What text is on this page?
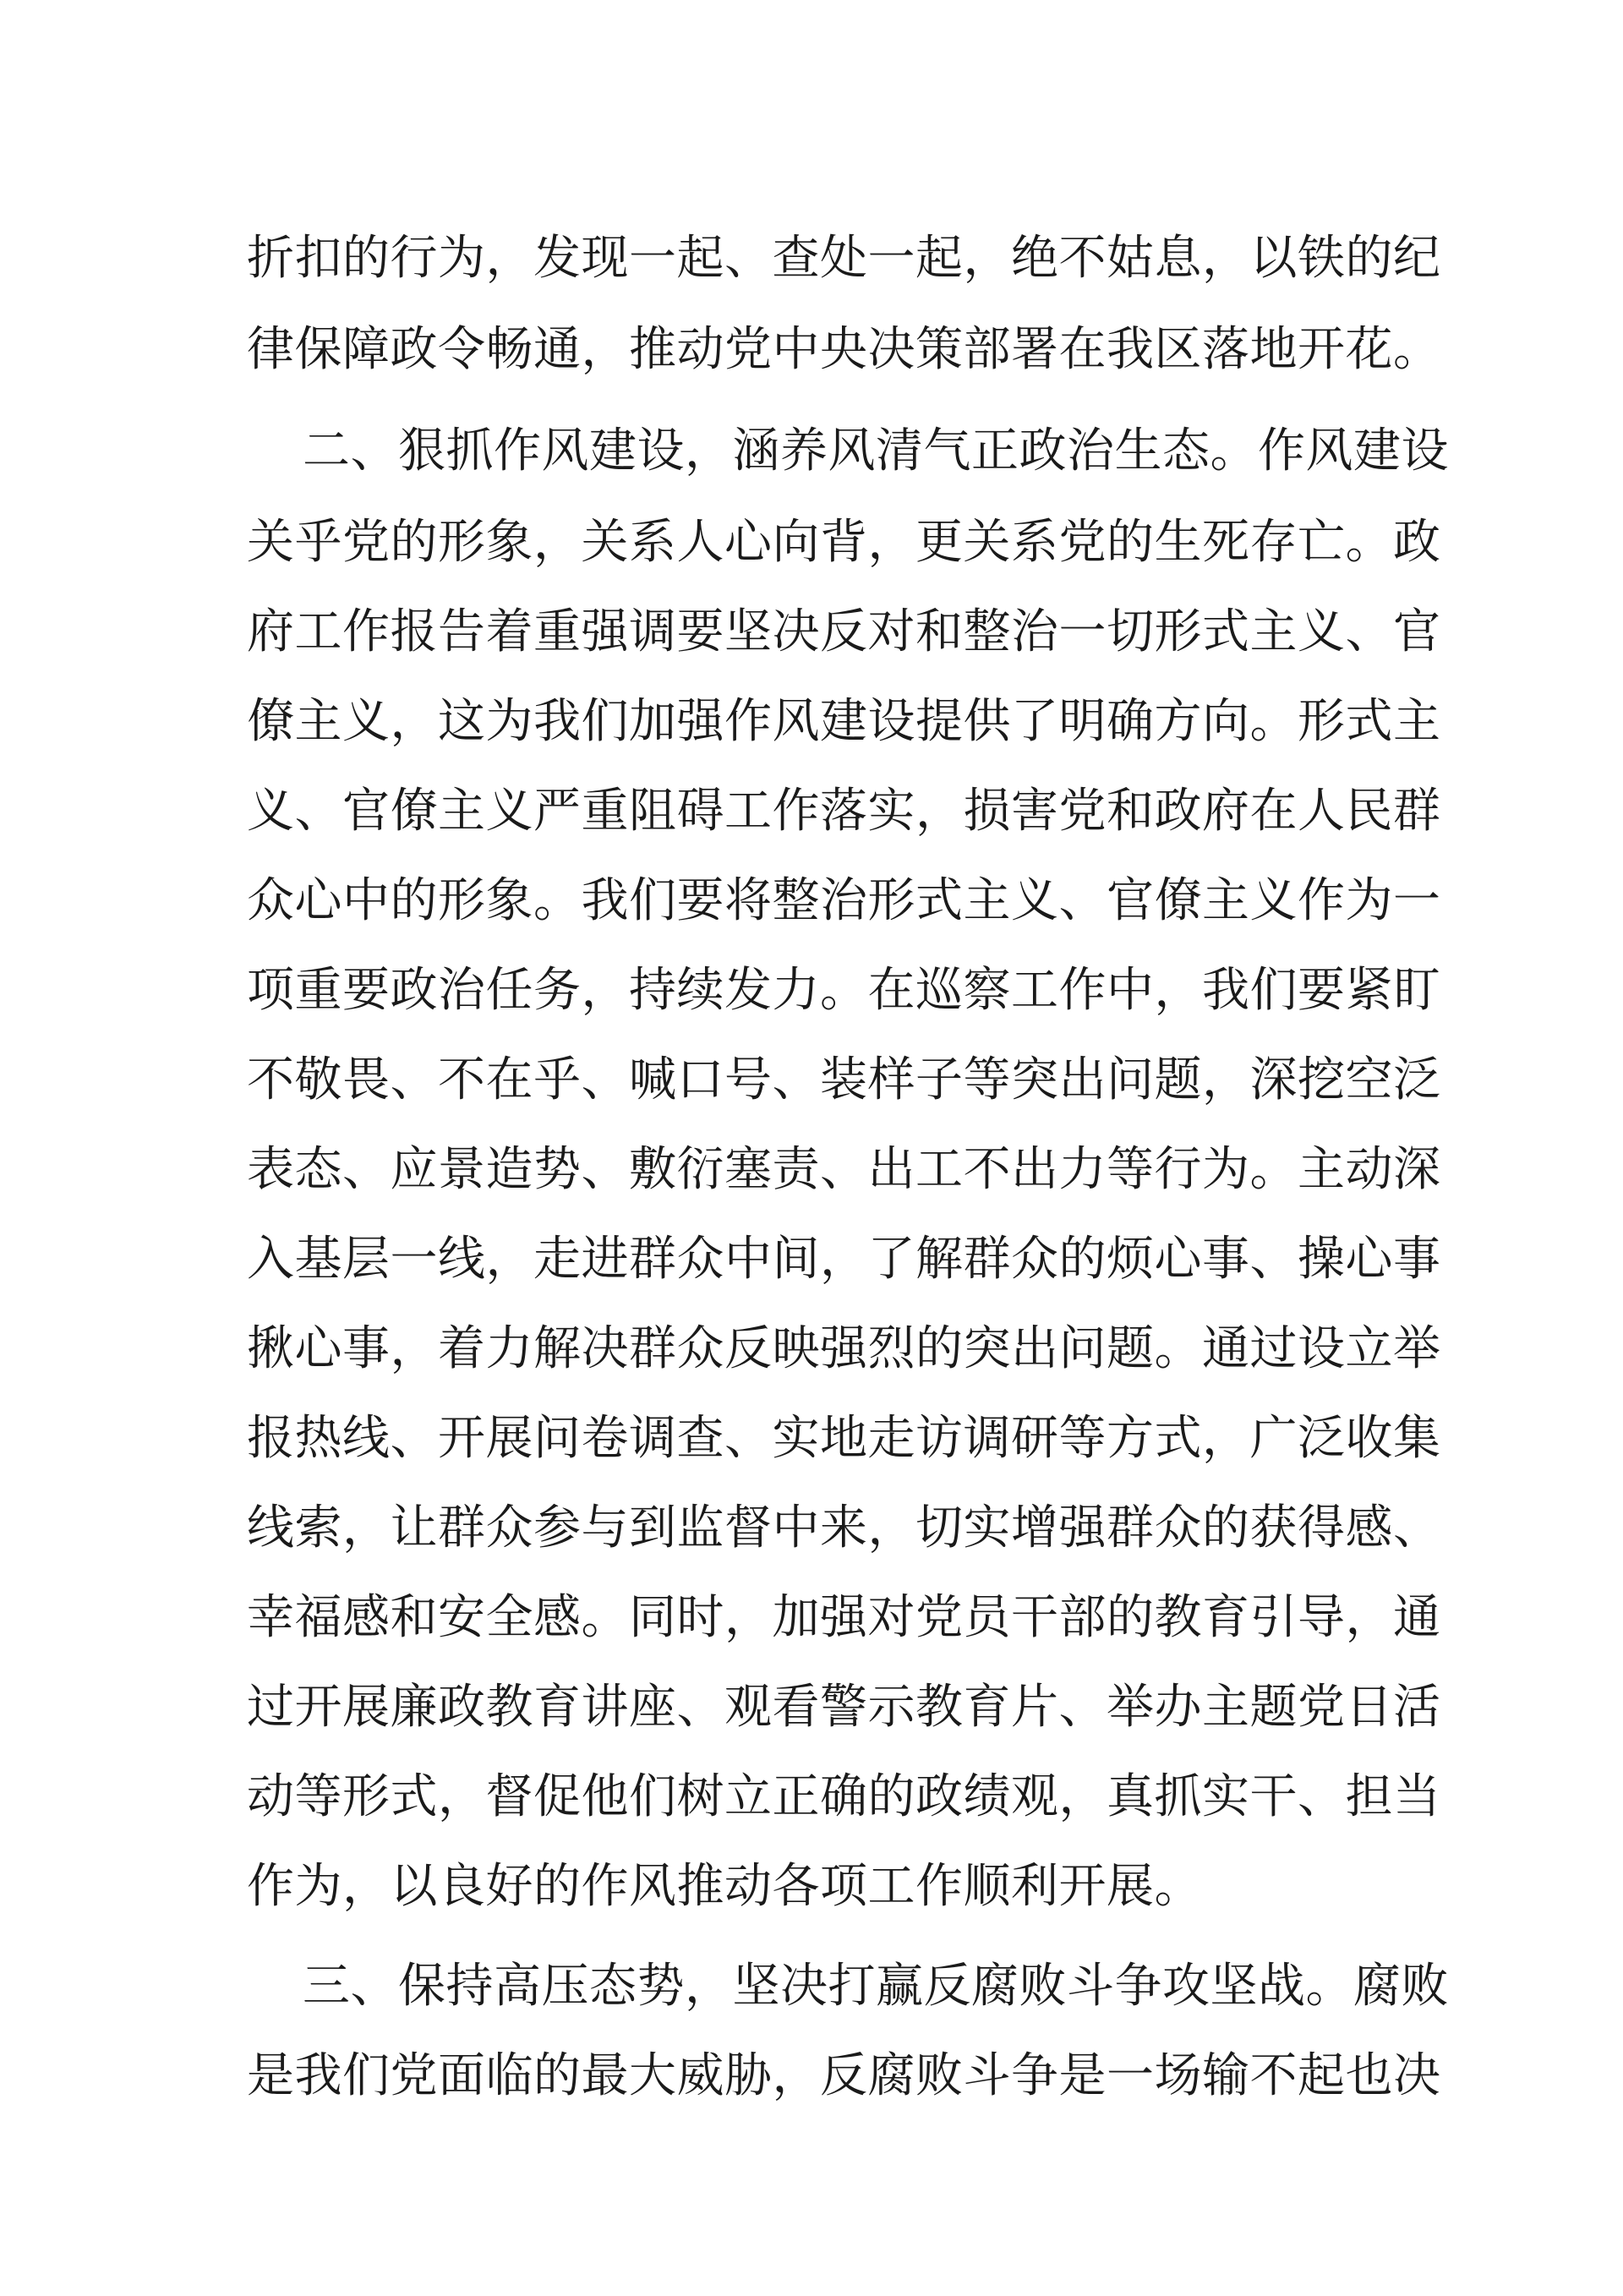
折扣的行为，发现一起、查处一起，绝不姑息，以铁的纪
律保障政令畅通，推动党中央决策部署在我区落地开花。
二、狠抓作风建设，涵养风清气正政治生态。作风建设
关乎党的形象，关系人心向背，更关系党的生死存亡。政
府工作报告着重强调要坚决反对和整治一切形式主义、官
僚主义，这为我们加强作风建设提供了明确方向。形式主
义、官僚主义严重阻碍工作落实，损害党和政府在人民群
众心中的形象。我们要将整治形式主义、官僚主义作为一
项重要政治任务，持续发力。在巡察工作中，我们要紧盯
不敬畏、不在乎、喊口号、装样子等突出问题，深挖空泛
表态、应景造势、敷衍塞责、出工不出力等行为。主动深
入基层一线，走进群众中间，了解群众的烦心事、操心事
揪心事，着力解决群众反映强烈的突出问题。通过设立举
报热线、开展问卷调查、实地走访调研等方式，广泛收集
线索，让群众参与到监督中来，切实增强群众的获得感、
幸福感和安全感。同时，加强对党员干部的教育引导，通
过开展廉政教育讲座、观看警示教育片、举办主题党日活
动等形式，督促他们树立正确的政绩观，真抓实干、担当
作为，以良好的作风推动各项工作顺利开展。
三、保持高压态势，坚决打赢反腐败斗争攻坚战。腐败
是我们党面临的最大威胁，反腐败斗争是一场输不起也决
